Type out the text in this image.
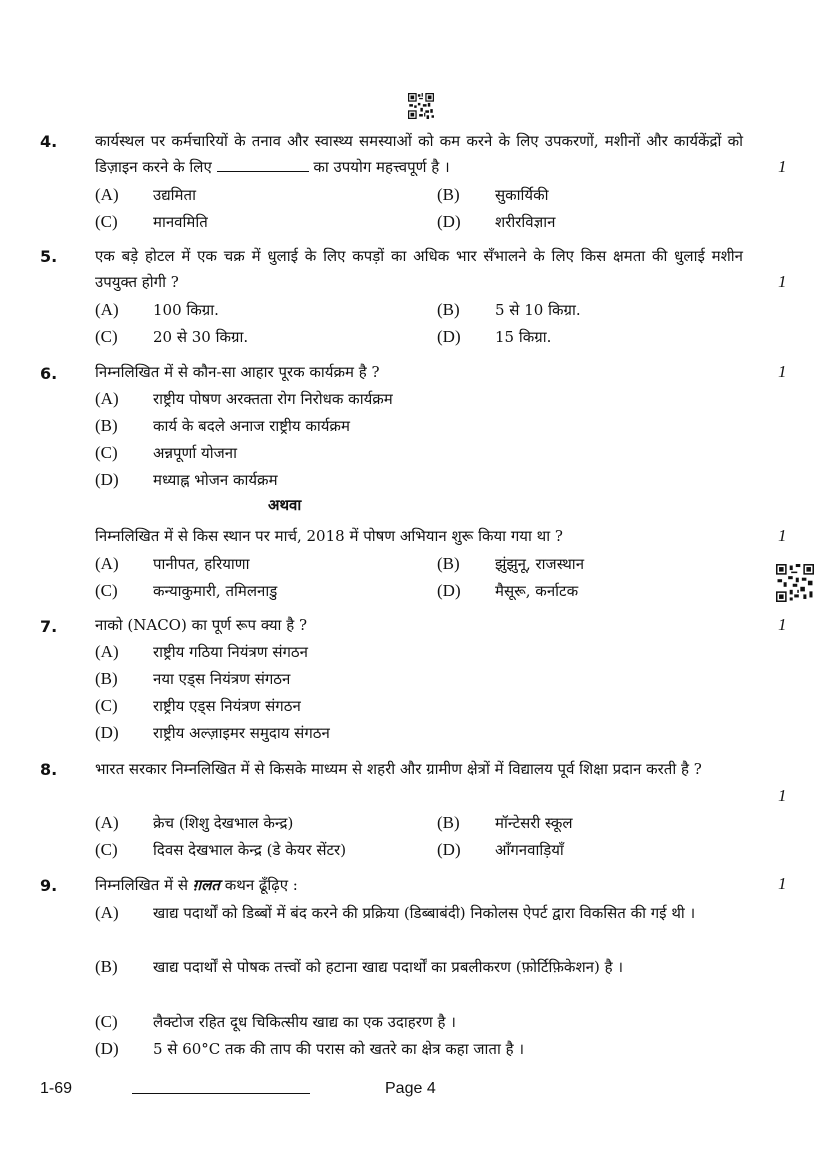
4.	कार्यस्थल पर कर्मचारियों के तनाव और स्वास्थ्य समस्याओं को कम करने के लिए उपकरणों, मशीनों और कार्यकेंद्रों को डिज़ाइन करने के लिए	का उपयोग महत्त्वपूर्ण है ।	1
(A) उद्यमिता	(B) सुकार्यिकी
(C) मानवमिति	(D) शरीरविज्ञान
5.	एक बड़े होटल में एक चक्र में धुलाई के लिए कपड़ों का अधिक भार सँभालने के लिए किस क्षमता की धुलाई मशीन उपयुक्त होगी ?	1
(A) 100 किग्रा.	(B) 5 से 10 किग्रा.
(C) 20 से 30 किग्रा.	(D) 15 किग्रा.
6.	निम्नलिखित में से कौन-सा आहार पूरक कार्यक्रम है ?	1
(A) राष्ट्रीय पोषण अरक्तता रोग निरोधक कार्यक्रम
(B) कार्य के बदले अनाज राष्ट्रीय कार्यक्रम
(C) अन्नपूर्णा योजना
(D) मध्याह्न भोजन कार्यक्रम
अथवा
निम्नलिखित में से किस स्थान पर मार्च, 2018 में पोषण अभियान शुरू किया गया था ?	1
(A) पानीपत, हरियाणा	(B) झुंझुनू, राजस्थान
(C) कन्याकुमारी, तमिलनाडु	(D) मैसूरू, कर्नाटक
7.	नाको (NACO) का पूर्ण रूप क्या है ?	1
(A) राष्ट्रीय गठिया नियंत्रण संगठन
(B) नया एड्स नियंत्रण संगठन
(C) राष्ट्रीय एड्स नियंत्रण संगठन
(D) राष्ट्रीय अल्ज़ाइमर समुदाय संगठन
8.	भारत सरकार निम्नलिखित में से किसके माध्यम से शहरी और ग्रामीण क्षेत्रों में विद्यालय पूर्व शिक्षा प्रदान करती है ?
1
(A) क्रेच (शिशु देखभाल केन्द्र)	(B) मॉन्टेसरी स्कूल
(C) दिवस देखभाल केन्द्र (डे केयर सेंटर)	(D) आँगनवाड़ियाँ
9.	निम्नलिखित में से ग़लत कथन ढूँढ़िए :	1
(A) खाद्य पदार्थों को डिब्बों में बंद करने की प्रक्रिया (डिब्बाबंदी) निकोलस ऐपर्ट द्वारा विकसित की गई थी ।
(B) खाद्य पदार्थों से पोषक तत्त्वों को हटाना खाद्य पदार्थों का प्रबलीकरण (फ़ोर्टिफ़िकेशन) है ।
(C) लैक्टोज रहित दूध चिकित्सीय खाद्य का एक उदाहरण है ।
(D) 5 से 60°C तक की ताप की परास को खतरे का क्षेत्र कहा जाता है ।
1-69	Page 4
